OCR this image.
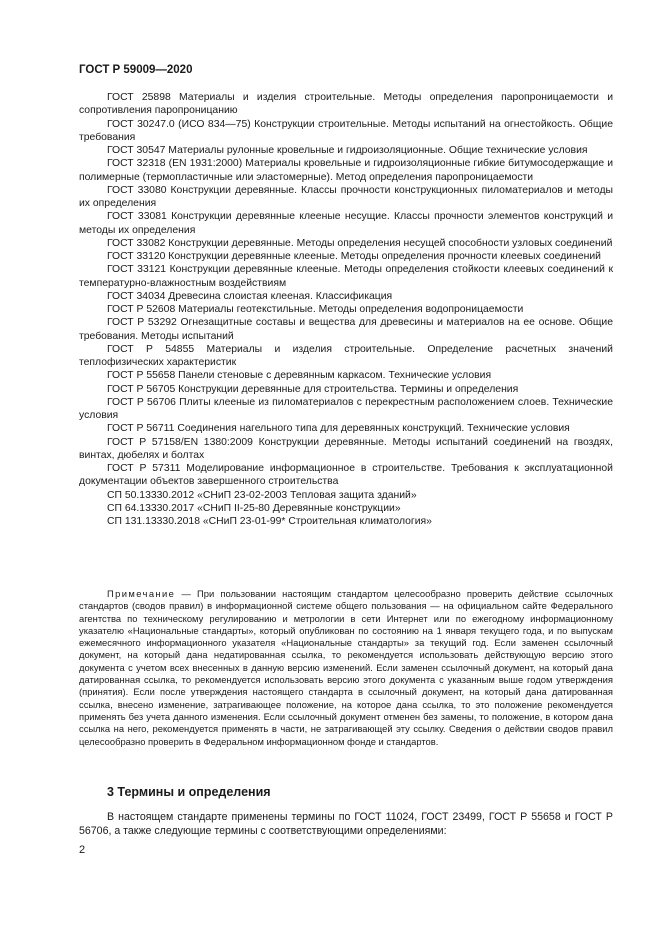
ГОСТ Р 59009—2020

ГОСТ 25898 Материалы и изделия строительные. Методы определения паропроницаемости и сопротивления паропроницанию

ГОСТ 30247.0 (ИСО 834—75) Конструкции строительные. Методы испытаний на огнестойкость. Общие требования

ГОСТ 30547 Материалы рулонные кровельные и гидроизоляционные. Общие технические условия

ГОСТ 32318 (EN 1931:2000) Материалы кровельные и гидроизоляционные гибкие битумосодержащие и полимерные (термопластичные или эластомерные). Метод определения паропроницаемости

ГОСТ 33080 Конструкции деревянные. Классы прочности конструкционных пиломатериалов и методы их определения

ГОСТ 33081 Конструкции деревянные клееные несущие. Классы прочности элементов конструкций и методы их определения

ГОСТ 33082 Конструкции деревянные. Методы определения несущей способности узловых соединений

ГОСТ 33120 Конструкции деревянные клееные. Методы определения прочности клеевых соединений

ГОСТ 33121 Конструкции деревянные клееные. Методы определения стойкости клеевых соединений к температурно-влажностным воздействиям

ГОСТ 34034 Древесина слоистая клееная. Классификация

ГОСТ Р 52608 Материалы геотекстильные. Методы определения водопроницаемости

ГОСТ Р 53292 Огнезащитные составы и вещества для древесины и материалов на ее основе. Общие требования. Методы испытаний

ГОСТ Р 54855 Материалы и изделия строительные. Определение расчетных значений теплофизических характеристик

ГОСТ Р 55658 Панели стеновые с деревянным каркасом. Технические условия

ГОСТ Р 56705 Конструкции деревянные для строительства. Термины и определения

ГОСТ Р 56706 Плиты клееные из пиломатериалов с перекрестным расположением слоев. Технические условия

ГОСТ Р 56711 Соединения нагельного типа для деревянных конструкций. Технические условия

ГОСТ Р 57158/EN 1380:2009 Конструкции деревянные. Методы испытаний соединений на гвоздях, винтах, дюбелях и болтах

ГОСТ Р 57311 Моделирование информационное в строительстве. Требования к эксплуатационной документации объектов завершенного строительства

СП 50.13330.2012 «СНиП 23-02-2003 Тепловая защита зданий»

СП 64.13330.2017 «СНиП II-25-80 Деревянные конструкции»

СП 131.13330.2018 «СНиП 23-01-99* Строительная климатология»

Примечание — При пользовании настоящим стандартом целесообразно проверить действие ссылочных стандартов (сводов правил) в информационной системе общего пользования — на официальном сайте Федерального агентства по техническому регулированию и метрологии в сети Интернет или по ежегодному информационному указателю «Национальные стандарты», который опубликован по состоянию на 1 января текущего года, и по выпускам ежемесячного информационного указателя «Национальные стандарты» за текущий год. Если заменен ссылочный документ, на который дана недатированная ссылка, то рекомендуется использовать действующую версию этого документа с учетом всех внесенных в данную версию изменений. Если заменен ссылочный документ, на который дана датированная ссылка, то рекомендуется использовать версию этого документа с указанным выше годом утверждения (принятия). Если после утверждения настоящего стандарта в ссылочный документ, на который дана датированная ссылка, внесено изменение, затрагивающее положение, на которое дана ссылка, то это положение рекомендуется применять без учета данного изменения. Если ссылочный документ отменен без замены, то положение, в котором дана ссылка на него, рекомендуется применять в части, не затрагивающей эту ссылку. Сведения о действии сводов правил целесообразно проверить в Федеральном информационном фонде и стандартов.

3 Термины и определения

В настоящем стандарте применены термины по ГОСТ 11024, ГОСТ 23499, ГОСТ Р 55658 и ГОСТ Р 56706, а также следующие термины с соответствующими определениями:

2
